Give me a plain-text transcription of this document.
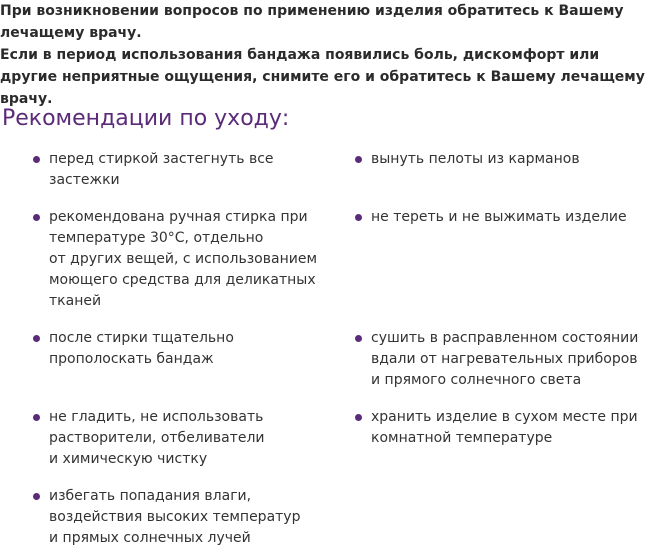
При возникновении вопросов по применению изделия обратитесь к Вашему лечащему врачу.

Если в период использования бандажа появились боль, дискомфорт или другие неприятные ощущения, снимите его и обратитесь к Вашему лечащему врачу.

Рекомендации по уходу:
перед стиркой застегнуть все
застежки
рекомендована ручная стирка при
температуре 30°C, отдельно
от других вещей, с использованием
моющего средства для деликатных
тканей
после стирки тщательно
прополоскать бандаж
не гладить, не использовать
растворители, отбеливатели
и химическую чистку
избегать попадания влаги,
воздействия высоких температур
и прямых солнечных лучей
вынуть пелоты из карманов
не тереть и не выжимать изделие
сушить в расправленном состоянии
вдали от нагревательных приборов
и прямого солнечного света
хранить изделие в сухом месте при
комнатной температуре
